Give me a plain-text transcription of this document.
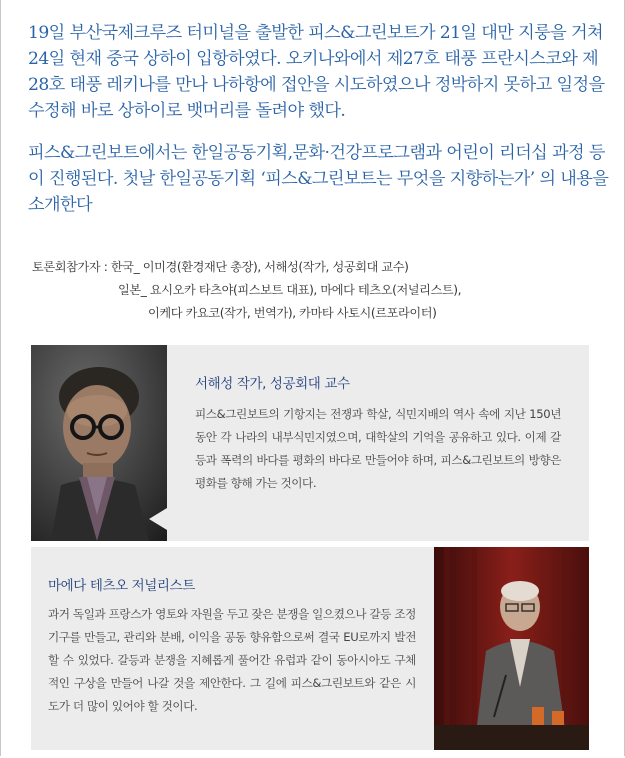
19일 부산국제크루즈 터미널을 출발한 피스&그린보트가 21일 대만 지룽을 거쳐 24일 현재 중국 상하이 입항하였다. 오키나와에서 제27호 태풍 프란시스코와 제28호 태풍 레키나를 만나 나하항에 접안을 시도하였으나 정박하지 못하고 일정을 수정해 바로 상하이로 뱃머리를 돌려야 했다.

피스&그린보트에서는 한일공동기획,문화·건강프로그램과 어린이 리더십 과정 등이 진행된다. 첫날 한일공동기획 ‘피스&그린보트는 무엇을 지향하는가’ 의 내용을 소개한다

토론회참가자 : 한국_ 이미경(환경재단 총장), 서해성(작가, 성공회대 교수)
일본_ 요시오카 타츠야(피스보트 대표), 마에다 테츠오(저널리스트),
이케다 카요코(작가, 번역가), 카마타 사토시(르포라이터)
서해성 작가, 성공회대 교수
피스&그린보트의 기항지는 전쟁과 학살, 식민지배의 역사 속에 지난 150년 동안 각 나라의 내부식민지였으며, 대학살의 기억을 공유하고 있다. 이제 갈등과 폭력의 바다를 평화의 바다로 만들어야 하며, 피스&그린보트의 방향은 평화를 향해 가는 것이다.
마에다 테츠오 저널리스트
과거 독일과 프랑스가 영토와 자원을 두고 잦은 분쟁을 일으켰으나 갈등 조정 기구를 만들고, 관리와 분배, 이익을 공동 향유함으로써 결국 EU로까지 발전할 수 있었다. 갈등과 분쟁을 지혜롭게 풀어간 유럽과 같이 동아시아도 구체적인 구상을 만들어 나갈 것을 제안한다. 그 길에 피스&그린보트와 같은 시도가 더 많이 있어야 할 것이다.
